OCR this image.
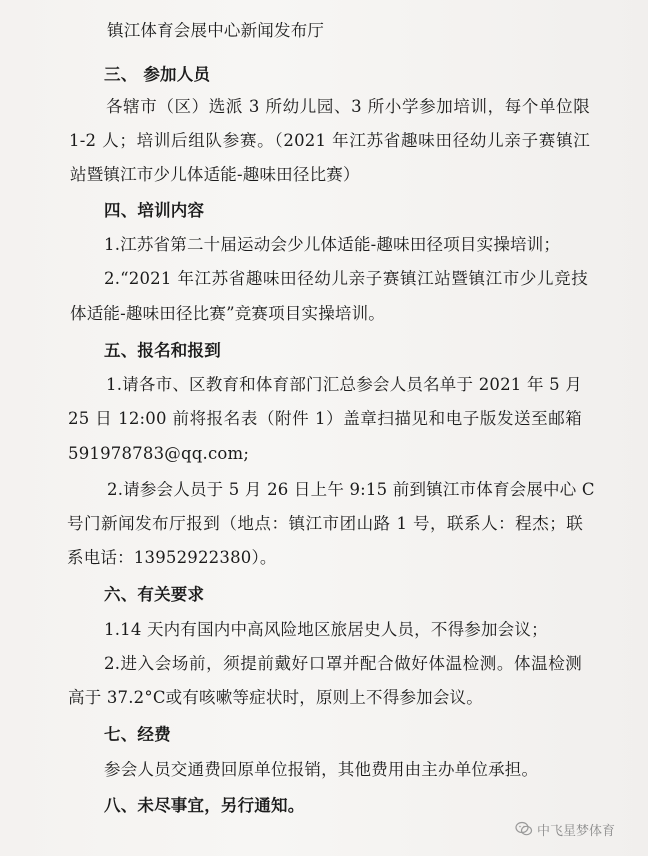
镇江体育会展中心新闻发布厅
三、 参加人员
各辖市（区）选派 3 所幼儿园、3 所小学参加培训，每个单位限
1-2 人；培训后组队参赛。（2021 年江苏省趣味田径幼儿亲子赛镇江
站暨镇江市少儿体适能-趣味田径比赛）
四、培训内容
1.江苏省第二十届运动会少儿体适能-趣味田径项目实操培训；
2.“2021 年江苏省趣味田径幼儿亲子赛镇江站暨镇江市少儿竞技
体适能-趣味田径比赛”竞赛项目实操培训。
五、报名和报到
1.请各市、区教育和体育部门汇总参会人员名单于 2021 年 5 月
25 日 12:00 前将报名表（附件 1）盖章扫描见和电子版发送至邮箱
591978783@qq.com;
2.请参会人员于 5 月 26 日上午 9:15 前到镇江市体育会展中心 C
号门新闻发布厅报到（地点：镇江市团山路 1 号，联系人：程杰；联
系电话：13952922380）。
六、有关要求
1.14 天内有国内中高风险地区旅居史人员，不得参加会议；
2.进入会场前，须提前戴好口罩并配合做好体温检测。体温检测
高于 37.2°C或有咳嗽等症状时，原则上不得参加会议。
七、经费
参会人员交通费回原单位报销，其他费用由主办单位承担。
八、未尽事宜，另行通知。
中飞星梦体育
